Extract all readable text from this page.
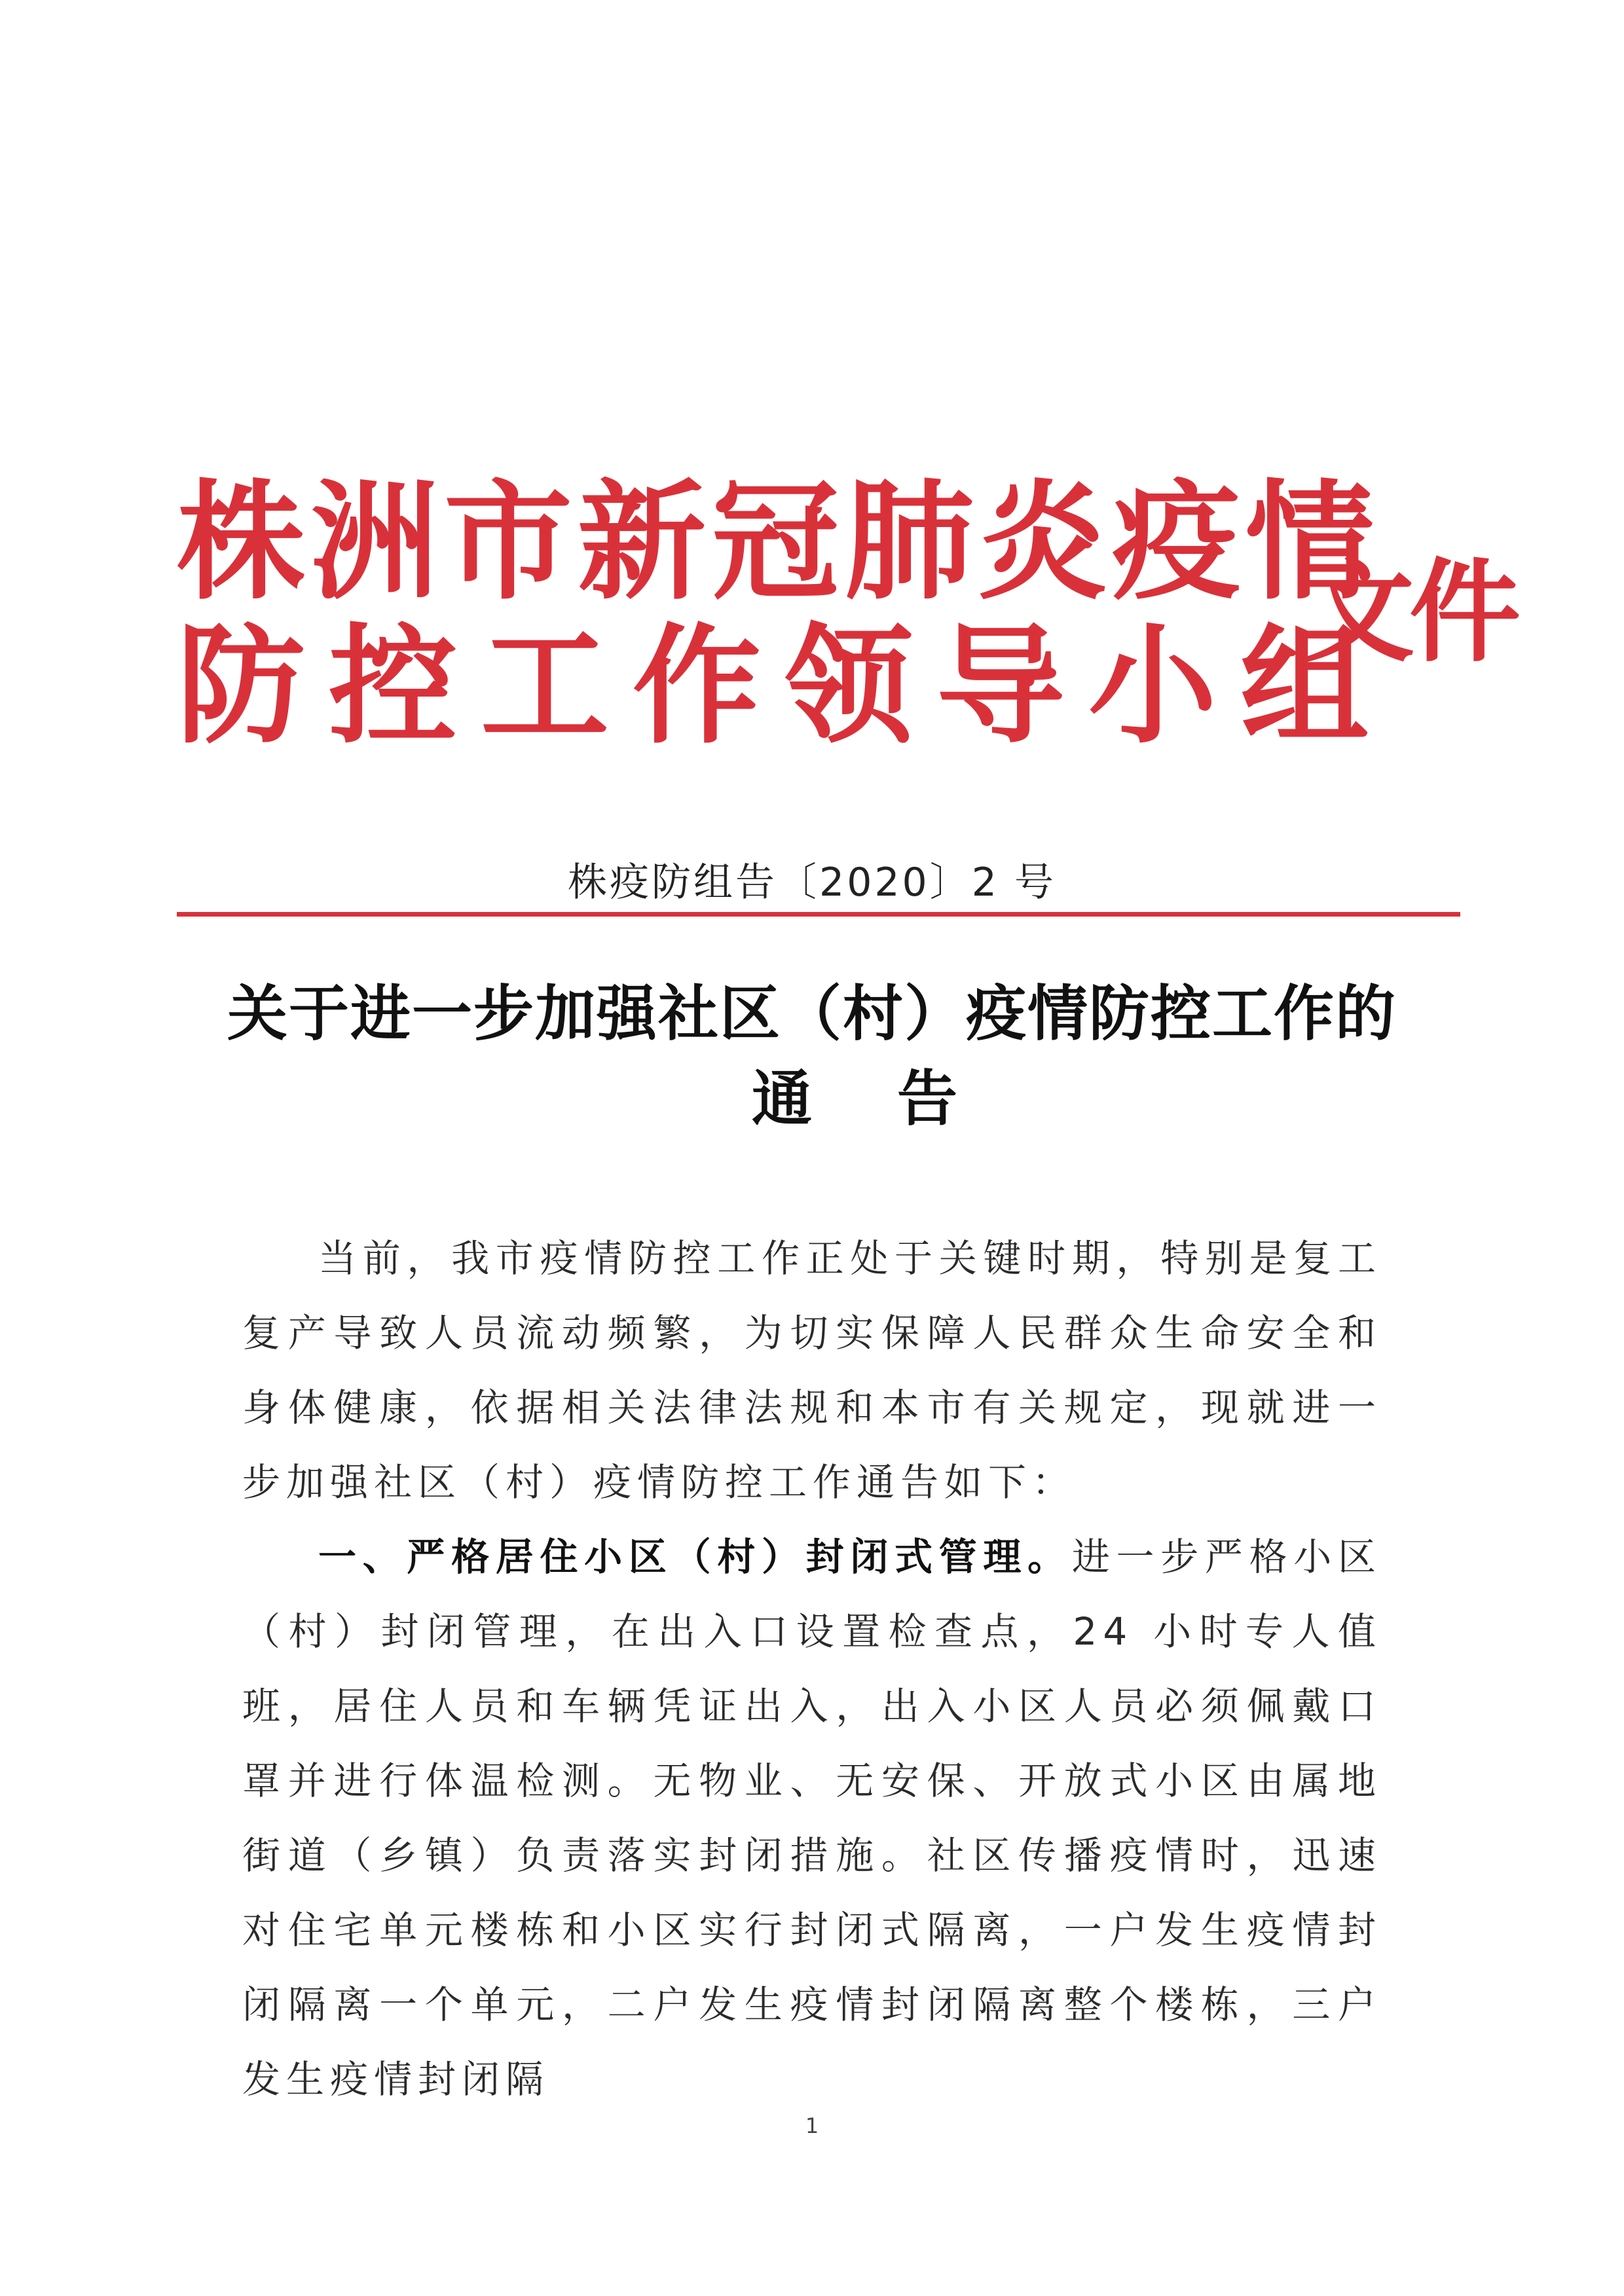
株洲市新冠肺炎疫情
防控工作领导小组
文件
株疫防组告〔2020〕2 号
关于进一步加强社区（村）疫情防控工作的
通告

当前，我市疫情防控工作正处于关键时期，特别是复工复产导致人员流动频繁，为切实保障人民群众生命安全和身体健康，依据相关法律法规和本市有关规定，现就进一步加强社区（村）疫情防控工作通告如下：

一、严格居住小区（村）封闭式管理。进一步严格小区（村）封闭管理，在出入口设置检查点，24 小时专人值班，居住人员和车辆凭证出入，出入小区人员必须佩戴口罩并进行体温检测。无物业、无安保、开放式小区由属地街道（乡镇）负责落实封闭措施。社区传播疫情时，迅速对住宅单元楼栋和小区实行封闭式隔离，一户发生疫情封闭隔离一个单元，二户发生疫情封闭隔离整个楼栋，三户发生疫情封闭隔

1
